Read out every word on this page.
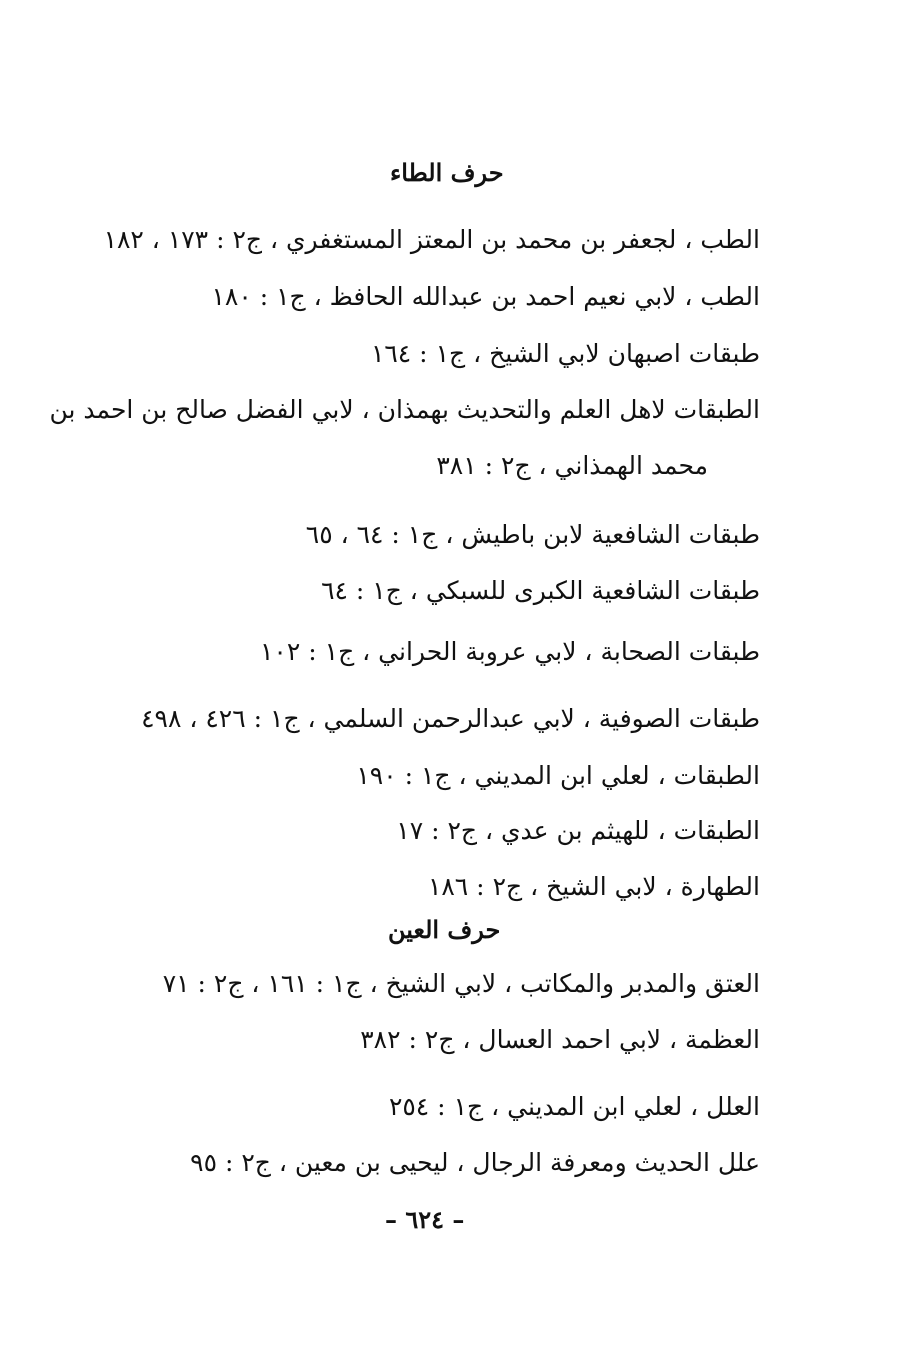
حرف الطاء
الطب ، لجعفر بن محمد بن المعتز المستغفري ، ج٢ : ١٧٣ ، ١٨٢
الطب ، لابي نعيم احمد بن عبدالله الحافظ ، ج١ : ١٨٠
طبقات اصبهان لابي الشيخ ، ج١ : ١٦٤
الطبقات لاهل العلم والتحديث بهمذان ، لابي الفضل صالح بن احمد بن
محمد الهمذاني ، ج٢ : ٣٨١
طبقات الشافعية لابن باطيش ، ج١ : ٦٤ ، ٦٥
طبقات الشافعية الكبرى للسبكي ، ج١ : ٦٤
طبقات الصحابة ، لابي عروبة الحراني ، ج١ : ١٠٢
طبقات الصوفية ، لابي عبدالرحمن السلمي ، ج١ : ٤٢٦ ، ٤٩٨
الطبقات ، لعلي ابن المديني ، ج١ : ١٩٠
الطبقات ، للهيثم بن عدي ، ج٢ : ١٧
الطهارة ، لابي الشيخ ، ج٢ : ١٨٦
حرف العين
العتق والمدبر والمكاتب ، لابي الشيخ ، ج١ : ١٦١ ، ج٢ : ٧١
العظمة ، لابي احمد العسال ، ج٢ : ٣٨٢
العلل ، لعلي ابن المديني ، ج١ : ٢٥٤
علل الحديث ومعرفة الرجال ، ليحيى بن معين ، ج٢ : ٩٥
– ٦٢٤ –
